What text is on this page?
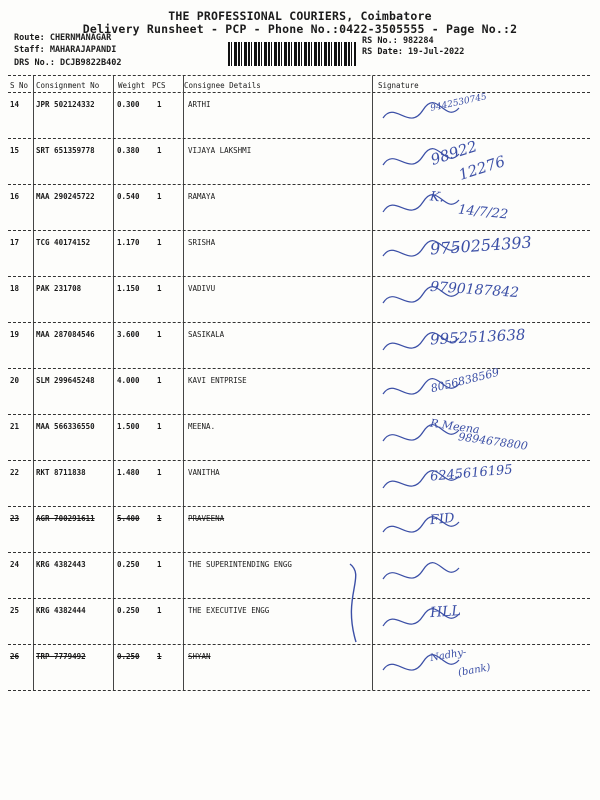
THE PROFESSIONAL COURIERS, Coimbatore
Delivery Runsheet - PCP - Phone No.:0422-3505555 - Page No.:2
Route: CHERNMANAGAR
Staff: MAHARAJAPANDI
DRS No.: DCJB9822B402
RS No.: 982284
RS Date: 19-Jul-2022
S No Consignment No	Weight PCS Consignee Details	Signature
14 JPR 502124332	0.300 1	ARTHI	9442530745
15 SRT 651359778	0.380 1	VIJAYA LAKSHMI	98922
12276
16 MAA 290245722	0.540 1	RAMAYA	K.
14/7/22
17 TCG 40174152	1.170 1	SRISHA	9750254393
18 PAK 231708	1.150 1	VADIVU	9790187842
19 MAA 287084546	3.600 1	SASIKALA	9952513638
20 SLM 299645248	4.000 1	KAVI ENTPRISE	8056838569
21 MAA 566336550	1.500 1	MEENA.	R.Meena
9894678800
22 RKT 8711838	1.480 1	VANITHA	6245616195
23 AGR 700291611	5.400 1	PRAVEENA	FID
24 KRG 4382443	0.250 1	THE SUPERINTENDING ENGG
25 KRG 4382444	0.250 1	THE EXECUTIVE ENGG	HLL
26 TRP 7779492	0.250 1	SHYAN	Nadhy-
(bank)
